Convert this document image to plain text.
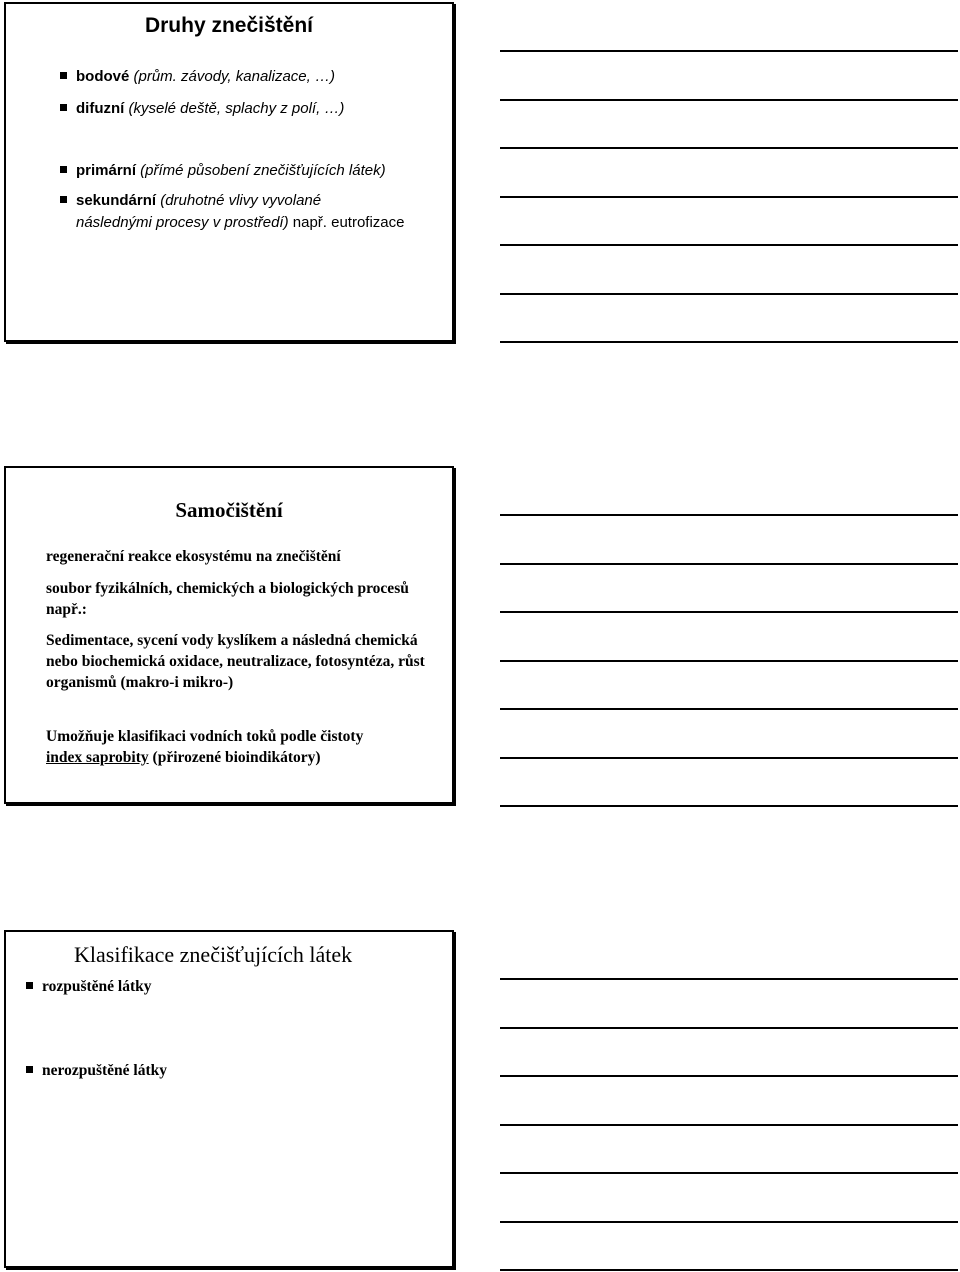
Druhy znečištění
bodové (prům. závody, kanalizace, …)
difuzní (kyselé deště, splachy z polí, …)
primární (přímé působení znečišťujících látek)
sekundární (druhotné vlivy vyvolané
následnými procesy v prostředí) např. eutrofizace
Samočištění
regenerační reakce ekosystému na znečištění
soubor fyzikálních, chemických a biologických procesů např.:
Sedimentace, sycení vody kyslíkem a následná chemická nebo biochemická oxidace, neutralizace, fotosyntéza, růst organismů (makro-i mikro-)
Umožňuje klasifikaci vodních toků podle čistoty
index saprobity (přirozené bioindikátory)
Klasifikace znečišťujících látek
rozpuštěné látky
nerozpuštěné látky
